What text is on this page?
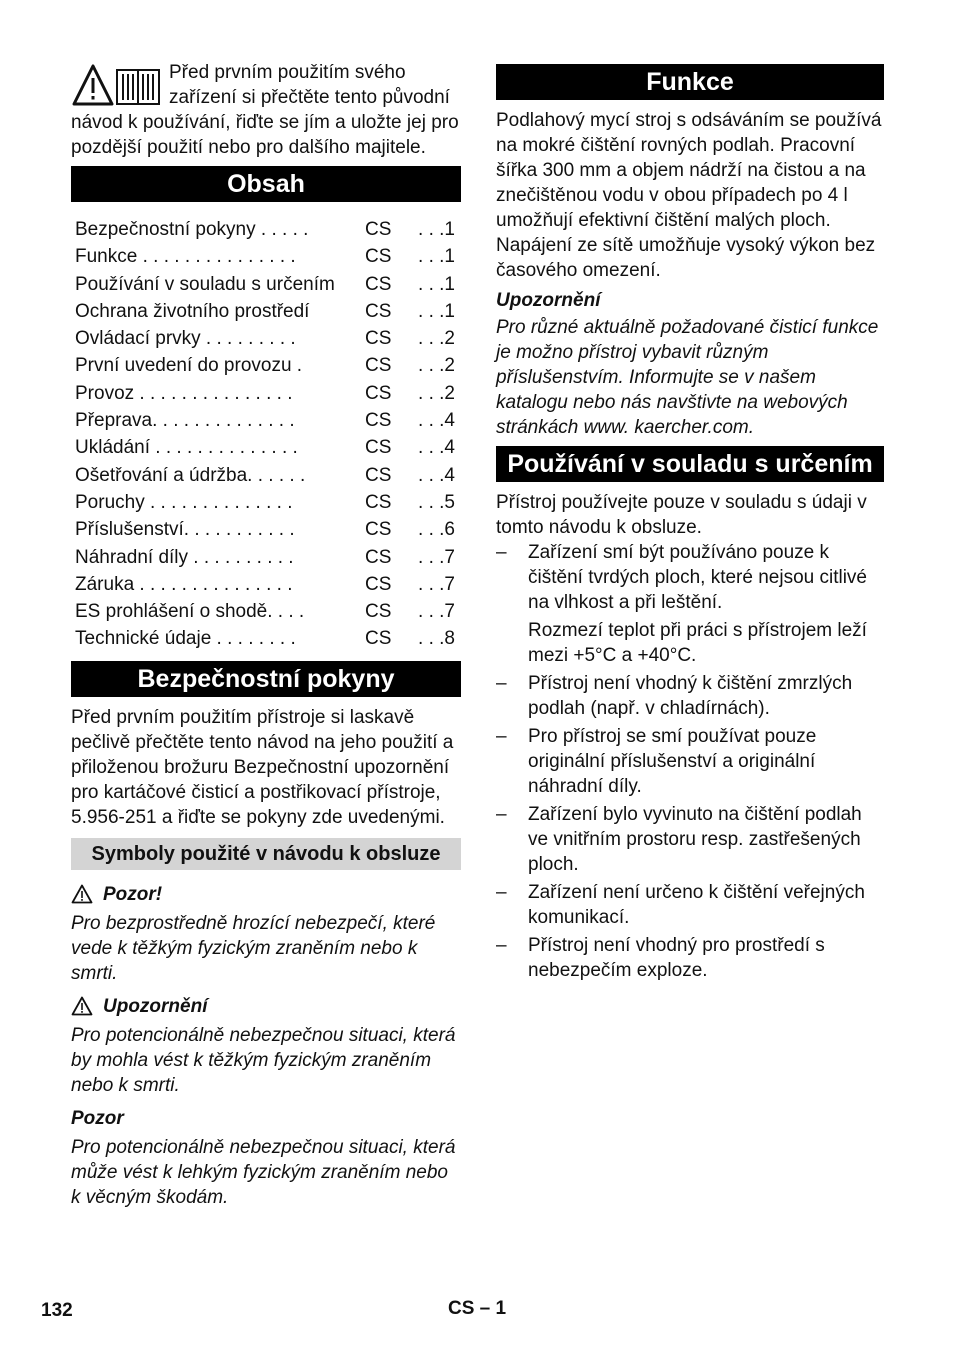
Před prvním použitím svého zařízení si přečtěte tento původní návod k používání, řiďte se jím a uložte jej pro pozdější použití nebo pro dalšího majitele.

Obsah
Bezpečnostní pokyny . . . . .	CS	. . .1
Funkce . . . . . . . . . . . . . . .	CS	. . .1
Používání v souladu s určením	CS	. . .1
Ochrana životního prostředí	CS	. . .1
Ovládací prvky . . . . . . . . .	CS	. . .2
První uvedení do provozu .	CS	. . .2
Provoz . . . . . . . . . . . . . . .	CS	. . .2
Přeprava. . . . . . . . . . . . . .	CS	. . .4
Ukládání . . . . . . . . . . . . . .	CS	. . .4
Ošetřování a údržba. . . . . .	CS	. . .4
Poruchy . . . . . . . . . . . . . .	CS	. . .5
Příslušenství. . . . . . . . . . .	CS	. . .6
Náhradní díly . . . . . . . . . .	CS	. . .7
Záruka . . . . . . . . . . . . . . .	CS	. . .7
ES prohlášení o shodě. . . .	CS	. . .7
Technické údaje . . . . . . . .	CS	. . .8
Bezpečnostní pokyny

Před prvním použitím přístroje si laskavě pečlivě přečtěte tento návod na jeho použití a přiloženou brožuru Bezpečnostní upozornění pro kartáčové čisticí a postřikovací přístroje, 5.956-251 a řiďte se pokyny zde uvedenými.

Symboly použité v návodu k obsluze
Pozor!

Pro bezprostředně hrozící nebezpečí, které vede k těžkým fyzickým zraněním nebo k smrti.

Upozornění

Pro potencionálně nebezpečnou situaci, která by mohla vést k těžkým fyzickým zraněním nebo k smrti.

Pozor

Pro potencionálně nebezpečnou situaci, která může vést k lehkým fyzickým zraněním nebo k věcným škodám.

Funkce

Podlahový mycí stroj s odsáváním se používá na mokré čištění rovných podlah. Pracovní šířka 300 mm a objem nádrží na čistou a na znečištěnou vodu v obou případech po 4 l umožňují efektivní čištění malých ploch.

Napájení ze sítě umožňuje vysoký výkon bez časového omezení.

Upozornění

Pro různé aktuálně požadované čisticí funkce je možno přístroj vybavit různým příslušenstvím. Informujte se v našem katalogu nebo nás navštivte na webových stránkách www. kaercher.com.

Používání v souladu s určením

Přístroj používejte pouze v souladu s údaji v tomto návodu k obsluze.

– Zařízení smí být používáno pouze k čištění tvrdých ploch, které nejsou citlivé na vlhkost a při leštění.

Rozmezí teplot při práci s přístrojem leží mezi +5°C a +40°C.

– Přístroj není vhodný k čištění zmrzlých podlah (např. v chladírnách).
– Pro přístroj se smí používat pouze originální příslušenství a originální náhradní díly.
– Zařízení bylo vyvinuto na čištění podlah ve vnitřním prostoru resp. zastřešených ploch.
– Zařízení není určeno k čištění veřejných komunikací.
– Přístroj není vhodný pro prostředí s nebezpečím exploze.
132	CS – 1
